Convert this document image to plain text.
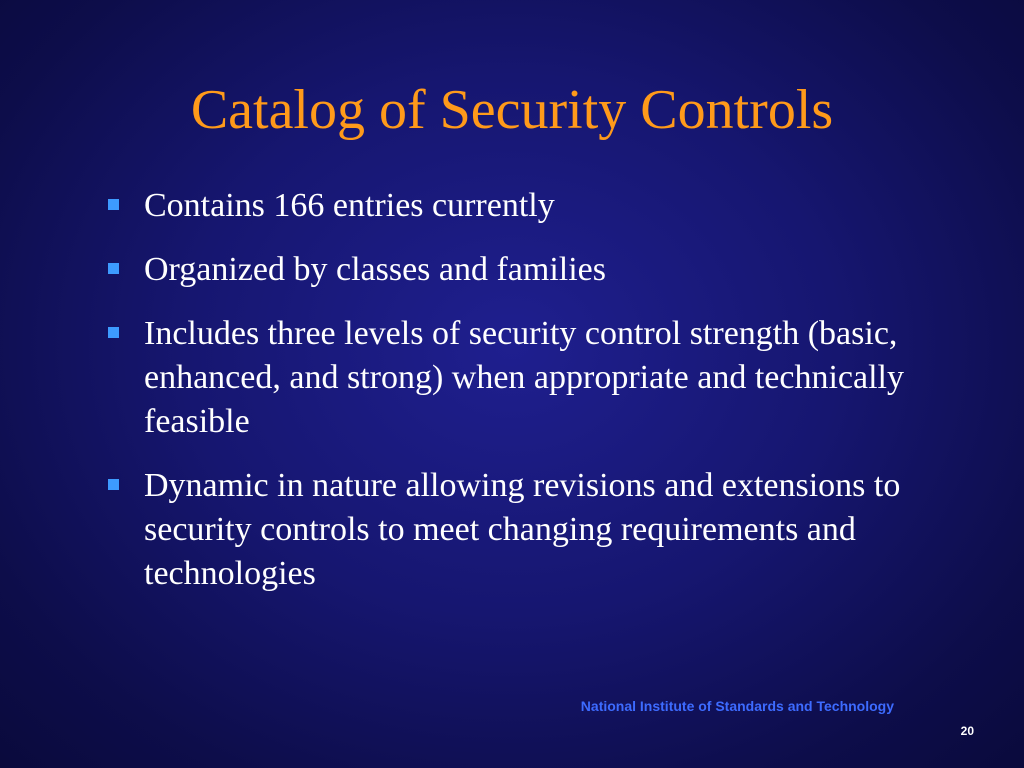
Catalog of Security Controls
Contains 166 entries currently
Organized by classes and families
Includes three levels of security control strength (basic, enhanced, and strong) when appropriate and technically feasible
Dynamic in nature allowing revisions and extensions to security controls to meet changing requirements and technologies
National Institute of Standards and Technology
20
